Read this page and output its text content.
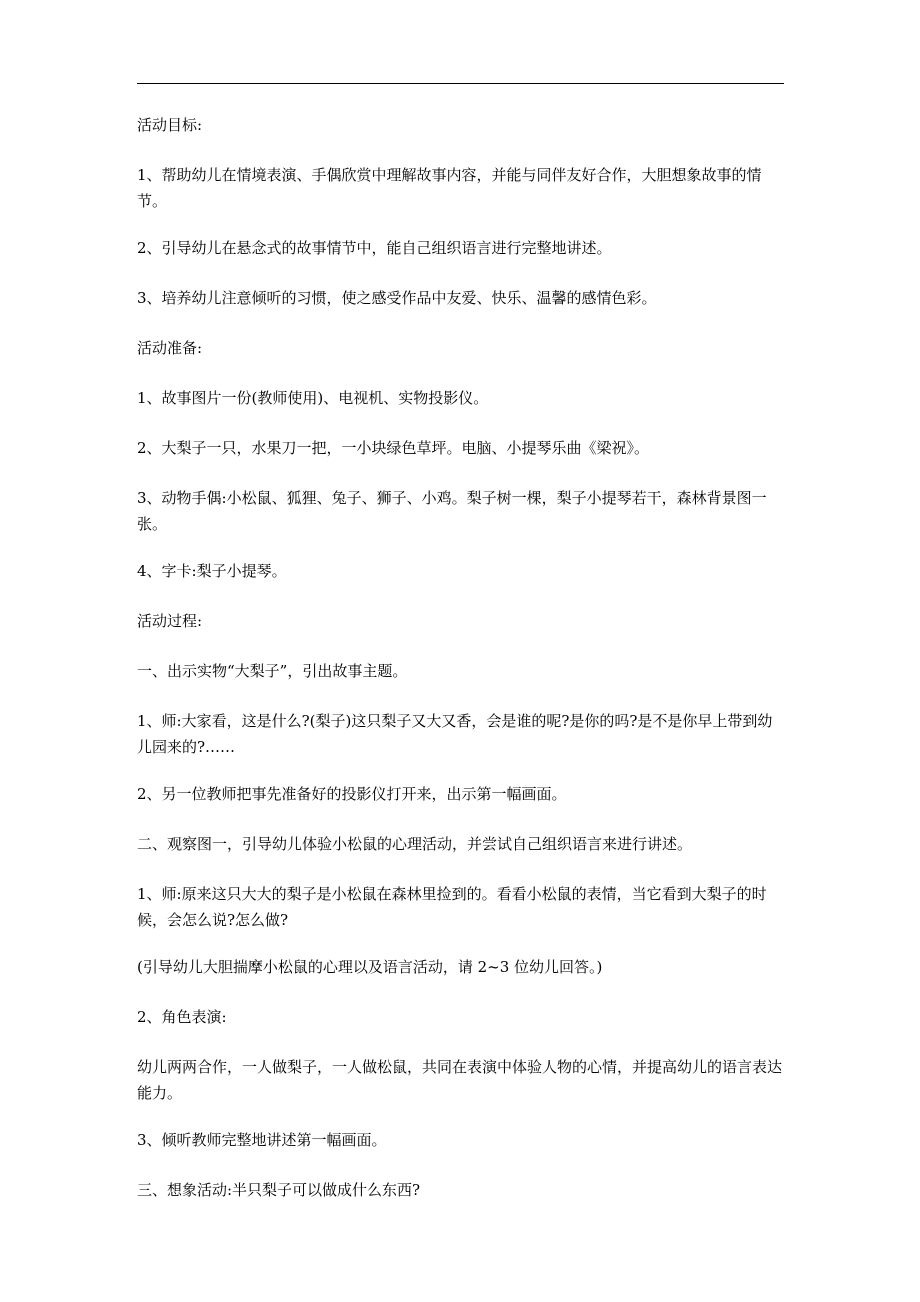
活动目标:

1、帮助幼儿在情境表演、手偶欣赏中理解故事内容，并能与同伴友好合作，大胆想象故事的情节。

2、引导幼儿在悬念式的故事情节中，能自己组织语言进行完整地讲述。

3、培养幼儿注意倾听的习惯，使之感受作品中友爱、快乐、温馨的感情色彩。

活动准备:

1、故事图片一份(教师使用)、电视机、实物投影仪。

2、大梨子一只，水果刀一把，一小块绿色草坪。电脑、小提琴乐曲《梁祝》。

3、动物手偶:小松鼠、狐狸、兔子、狮子、小鸡。梨子树一棵，梨子小提琴若干，森林背景图一张。

4、字卡:梨子小提琴。

活动过程:

一、出示实物“大梨子”，引出故事主题。

1、师:大家看，这是什么?(梨子)这只梨子又大又香，会是谁的呢?是你的吗?是不是你早上带到幼儿园来的?……

2、另一位教师把事先准备好的投影仪打开来，出示第一幅画面。

二、观察图一，引导幼儿体验小松鼠的心理活动，并尝试自己组织语言来进行讲述。

1、师:原来这只大大的梨子是小松鼠在森林里捡到的。看看小松鼠的表情，当它看到大梨子的时候，会怎么说?怎么做?

(引导幼儿大胆揣摩小松鼠的心理以及语言活动，请 2~3 位幼儿回答。)

2、角色表演:

幼儿两两合作，一人做梨子，一人做松鼠，共同在表演中体验人物的心情，并提高幼儿的语言表达能力。

3、倾听教师完整地讲述第一幅画面。

三、想象活动:半只梨子可以做成什么东西?
